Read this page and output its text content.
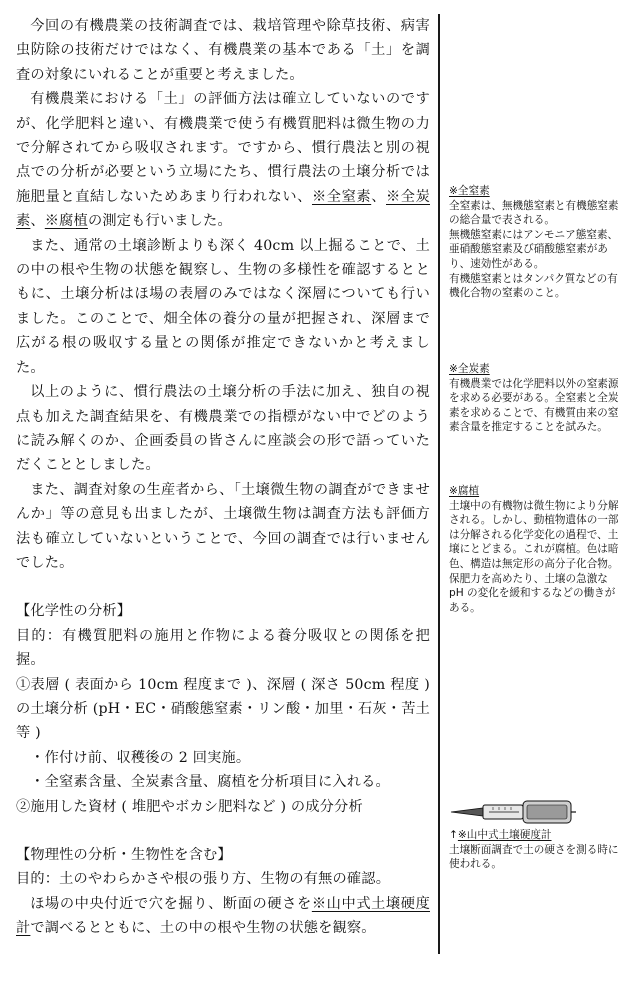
今回の有機農業の技術調査では、栽培管理や除草技術、病害虫防除の技術だけではなく、有機農業の基本である「土」を調査の対象にいれることが重要と考えました。

有機農業における「土」の評価方法は確立していないのですが、化学肥料と違い、有機農業で使う有機質肥料は微生物の力で分解されてから吸収されます。ですから、慣行農法と別の視点での分析が必要という立場にたち、慣行農法の土壌分析では施肥量と直結しないためあまり行われない、※全窒素、※全炭素、※腐植の測定も行いました。

また、通常の土壌診断よりも深く 40cm 以上掘ることで、土の中の根や生物の状態を観察し、生物の多様性を確認するとともに、土壌分析はほ場の表層のみではなく深層についても行いました。このことで、畑全体の養分の量が把握され、深層まで広がる根の吸収する量との関係が推定できないかと考えました。

以上のように、慣行農法の土壌分析の手法に加え、独自の視点も加えた調査結果を、有機農業での指標がない中でどのように読み解くのか、企画委員の皆さんに座談会の形で語っていただくこととしました。

また、調査対象の生産者から、「土壌微生物の調査ができませんか」等の意見も出ましたが、土壌微生物は調査方法も評価方法も確立していないということで、今回の調査では行いませんでした。

【化学性の分析】

目的：有機質肥料の施用と作物による養分吸収との関係を把握。

①表層 ( 表面から 10cm 程度まで )、深層 ( 深さ 50cm 程度 ) の土壌分析 (pH・EC・硝酸態窒素・リン酸・加里・石灰・苦土等 )

・作付け前、収穫後の 2 回実施。

・全窒素含量、全炭素含量、腐植を分析項目に入れる。

②施用した資材 ( 堆肥やボカシ肥料など ) の成分分析

【物理性の分析・生物性を含む】

目的：土のやわらかさや根の張り方、生物の有無の確認。

ほ場の中央付近で穴を掘り、断面の硬さを※山中式土壌硬度計で調べるとともに、土の中の根や生物の状態を観察。

※全窒素

全窒素は、無機態窒素と有機態窒素の総合量で表される。

無機態窒素にはアンモニア態窒素、亜硝酸態窒素及び硝酸態窒素があり、速効性がある。

有機態窒素とはタンパク質などの有機化合物の窒素のこと。

※全炭素

有機農業では化学肥料以外の窒素源を求める必要がある。全窒素と全炭素を求めることで、有機質由来の窒素含量を推定することを試みた。

※腐植

土壌中の有機物は微生物により分解される。しかし、動植物遺体の一部は分解される化学変化の過程で、土壌にとどまる。これが腐植。色は暗色、構造は無定形の高分子化合物。

保肥力を高めたり、土壌の急激な pH の変化を緩和するなどの働きがある。

↑※山中式土壌硬度計

土壌断面調査で土の硬さを測る時に使われる。
